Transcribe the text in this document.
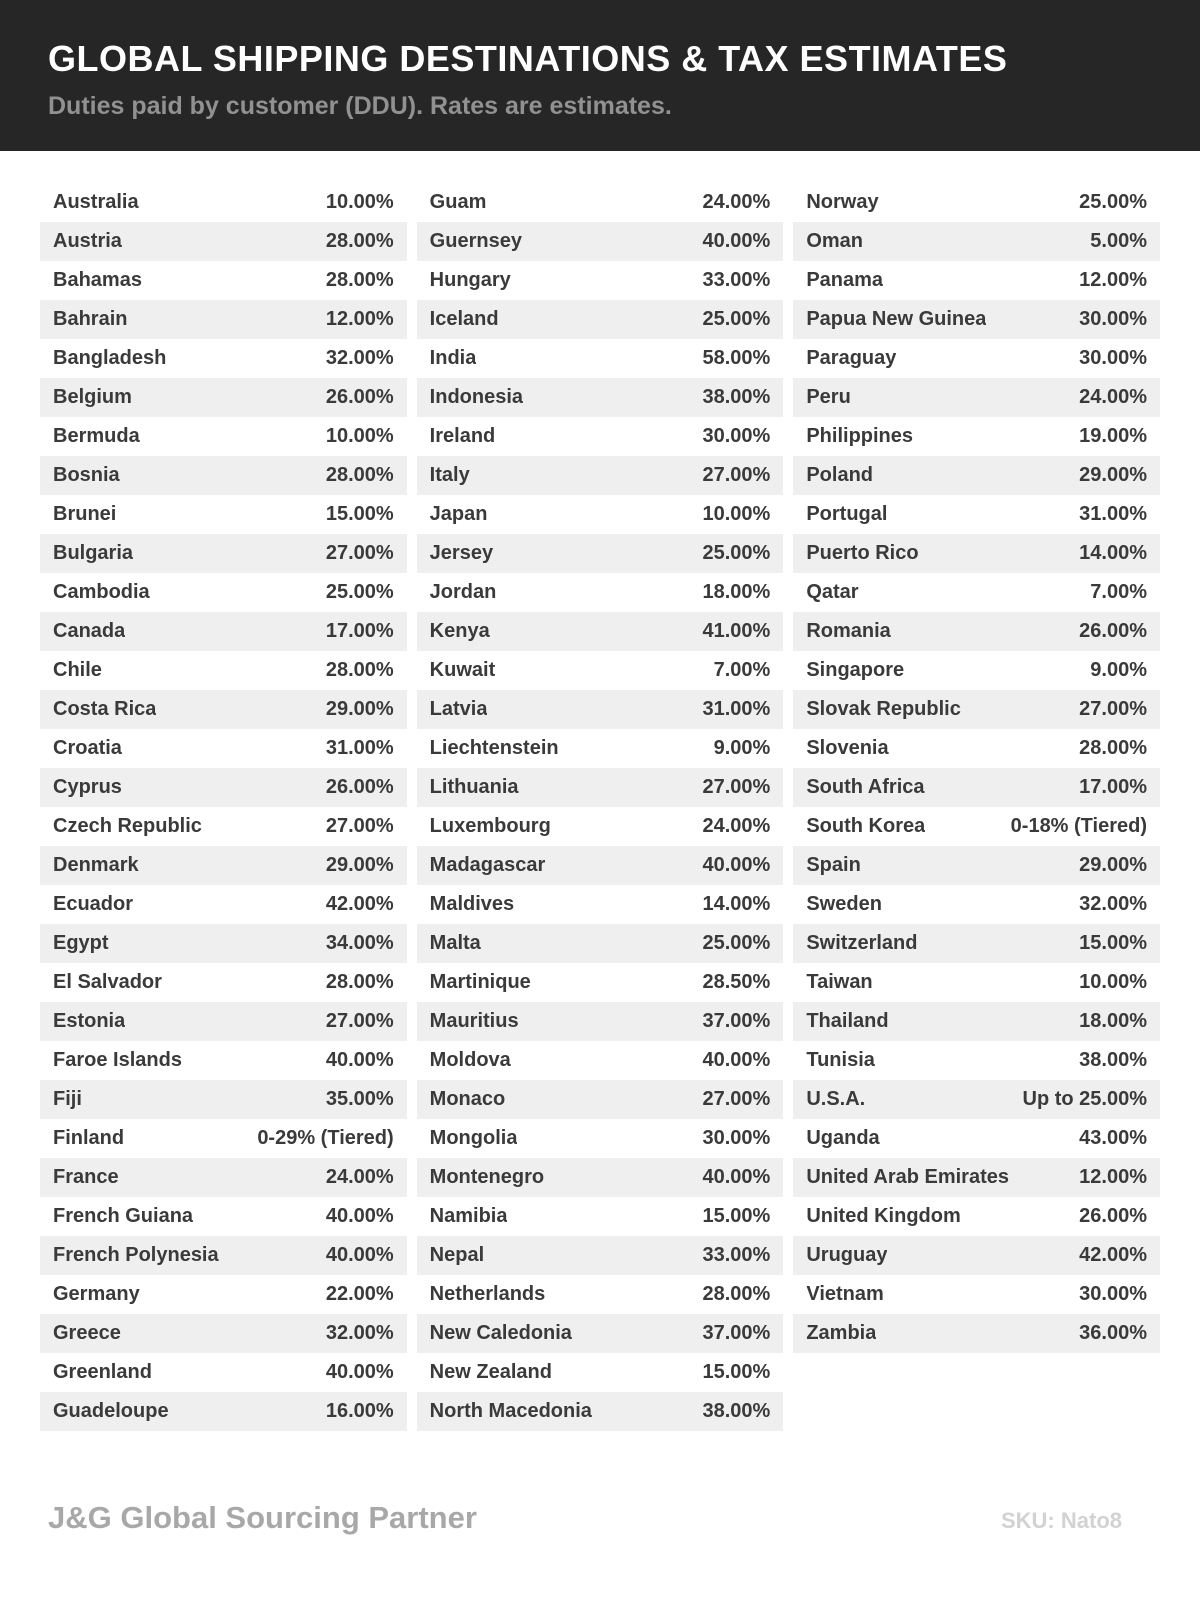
GLOBAL SHIPPING DESTINATIONS & TAX ESTIMATES

Duties paid by customer (DDU). Rates are estimates.

Australia	10.00%
Austria	28.00%
Bahamas	28.00%
Bahrain	12.00%
Bangladesh	32.00%
Belgium	26.00%
Bermuda	10.00%
Bosnia	28.00%
Brunei	15.00%
Bulgaria	27.00%
Cambodia	25.00%
Canada	17.00%
Chile	28.00%
Costa Rica	29.00%
Croatia	31.00%
Cyprus	26.00%
Czech Republic	27.00%
Denmark	29.00%
Ecuador	42.00%
Egypt	34.00%
El Salvador	28.00%
Estonia	27.00%
Faroe Islands	40.00%
Fiji	35.00%
Finland	0-29% (Tiered)
France	24.00%
French Guiana	40.00%
French Polynesia	40.00%
Germany	22.00%
Greece	32.00%
Greenland	40.00%
Guadeloupe	16.00%
Guam	24.00%
Guernsey	40.00%
Hungary	33.00%
Iceland	25.00%
India	58.00%
Indonesia	38.00%
Ireland	30.00%
Italy	27.00%
Japan	10.00%
Jersey	25.00%
Jordan	18.00%
Kenya	41.00%
Kuwait	7.00%
Latvia	31.00%
Liechtenstein	9.00%
Lithuania	27.00%
Luxembourg	24.00%
Madagascar	40.00%
Maldives	14.00%
Malta	25.00%
Martinique	28.50%
Mauritius	37.00%
Moldova	40.00%
Monaco	27.00%
Mongolia	30.00%
Montenegro	40.00%
Namibia	15.00%
Nepal	33.00%
Netherlands	28.00%
New Caledonia	37.00%
New Zealand	15.00%
North Macedonia	38.00%
Norway	25.00%
Oman	5.00%
Panama	12.00%
Papua New Guinea	30.00%
Paraguay	30.00%
Peru	24.00%
Philippines	19.00%
Poland	29.00%
Portugal	31.00%
Puerto Rico	14.00%
Qatar	7.00%
Romania	26.00%
Singapore	9.00%
Slovak Republic	27.00%
Slovenia	28.00%
South Africa	17.00%
South Korea	0-18% (Tiered)
Spain	29.00%
Sweden	32.00%
Switzerland	15.00%
Taiwan	10.00%
Thailand	18.00%
Tunisia	38.00%
U.S.A.	Up to 25.00%
Uganda	43.00%
United Arab Emirates	12.00%
United Kingdom	26.00%
Uruguay	42.00%
Vietnam	30.00%
Zambia	36.00%
J&G Global Sourcing Partner	SKU: Nato8
